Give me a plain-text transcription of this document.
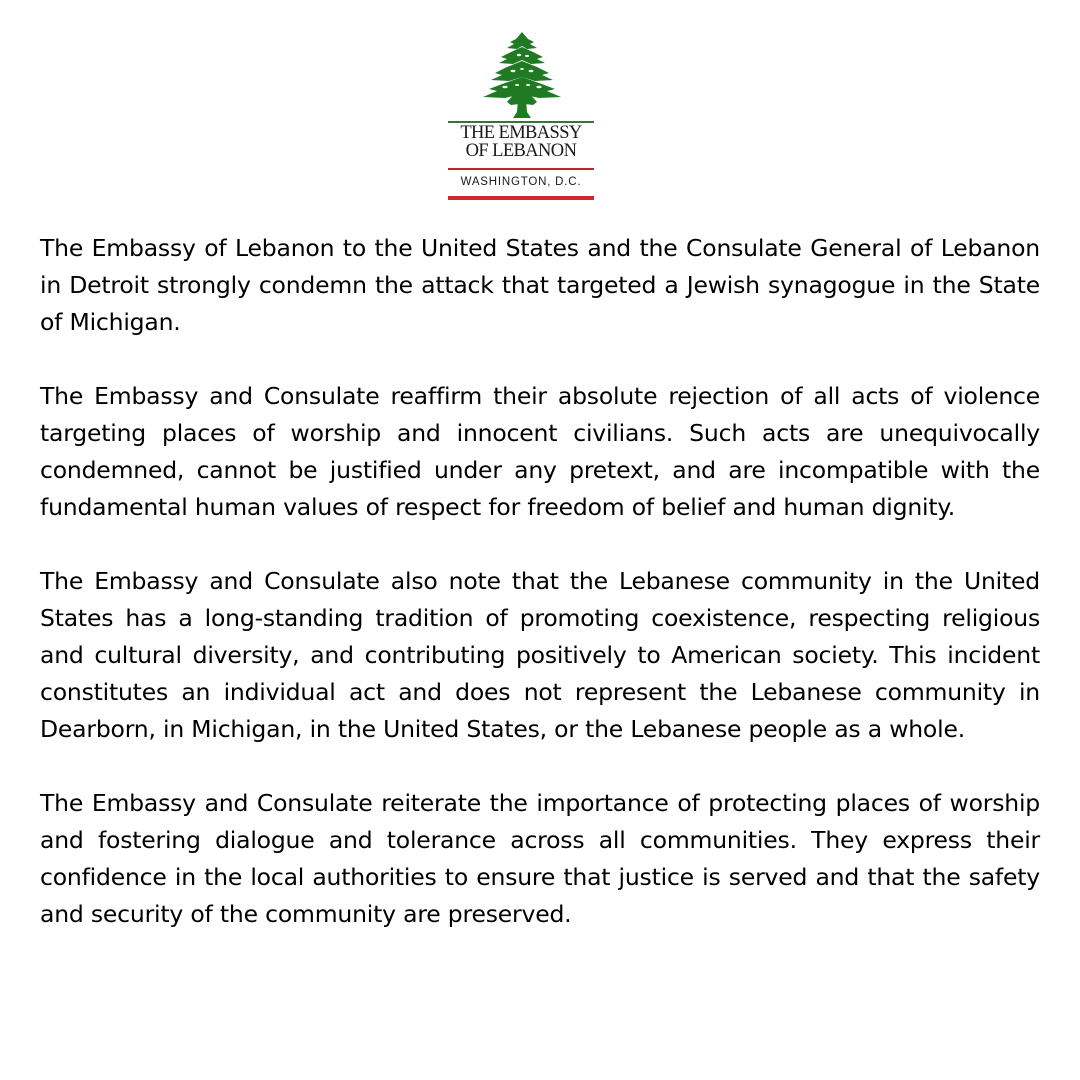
THE EMBASSY
OF LEBANON
WASHINGTON, D.C.

The Embassy of Lebanon to the United States and the Consulate General of Lebanon in Detroit strongly condemn the attack that targeted a Jewish synagogue in the State of Michigan.

The Embassy and Consulate reaffirm their absolute rejection of all acts of violence targeting places of worship and innocent civilians. Such acts are unequivocally condemned, cannot be justified under any pretext, and are incompatible with the fundamental human values of respect for freedom of belief and human dignity.

The Embassy and Consulate also note that the Lebanese community in the United States has a long-standing tradition of promoting coexistence, respecting religious and cultural diversity, and contributing positively to American society. This incident constitutes an individual act and does not represent the Lebanese community in Dearborn, in Michigan, in the United States, or the Lebanese people as a whole.

The Embassy and Consulate reiterate the importance of protecting places of worship and fostering dialogue and tolerance across all communities. They express their confidence in the local authorities to ensure that justice is served and that the safety and security of the community are preserved.
